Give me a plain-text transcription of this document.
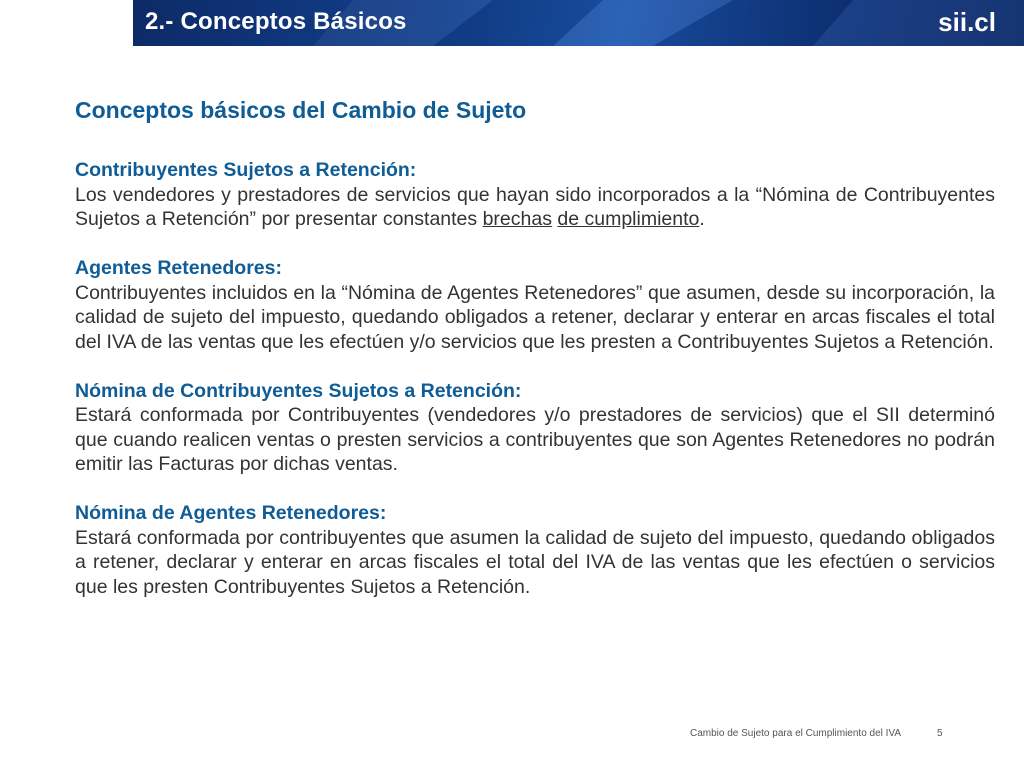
2.- Conceptos Básicos	sii.cl
Conceptos básicos del Cambio de Sujeto
Contribuyentes Sujetos a Retención:

Los vendedores y prestadores de servicios que hayan sido incorporados a la “Nómina de Contribuyentes Sujetos a Retención” por presentar constantes brechas de cumplimiento.

Agentes Retenedores:

Contribuyentes incluidos en la “Nómina de Agentes Retenedores” que asumen, desde su incorporación, la calidad de sujeto del impuesto, quedando obligados a retener, declarar y enterar en arcas fiscales el total del IVA de las ventas que les efectúen y/o servicios que les presten a Contribuyentes Sujetos a Retención.

Nómina de Contribuyentes Sujetos a Retención:

Estará conformada por Contribuyentes (vendedores y/o prestadores de servicios) que el SII determinó que cuando realicen ventas o presten servicios a contribuyentes que son Agentes Retenedores no podrán emitir las Facturas por dichas ventas.

Nómina de Agentes Retenedores:

Estará conformada por contribuyentes que asumen la calidad de sujeto del impuesto, quedando obligados a retener, declarar y enterar en arcas fiscales el total del IVA de las ventas que les efectúen o servicios que les presten Contribuyentes Sujetos a Retención.

Cambio de Sujeto para el Cumplimiento del IVA	5
